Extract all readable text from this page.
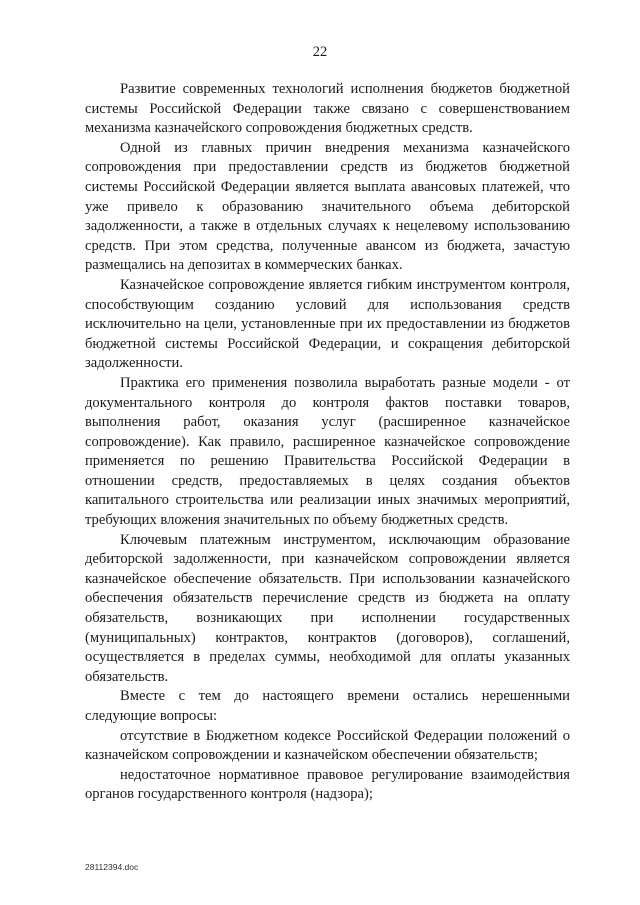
22

Развитие современных технологий исполнения бюджетов бюджетной системы Российской Федерации также связано с совершенствованием механизма казначейского сопровождения бюджетных средств.

Одной из главных причин внедрения механизма казначейского сопровождения при предоставлении средств из бюджетов бюджетной системы Российской Федерации является выплата авансовых платежей, что уже привело к образованию значительного объема дебиторской задолженности, а также в отдельных случаях к нецелевому использованию средств. При этом средства, полученные авансом из бюджета, зачастую размещались на депозитах в коммерческих банках.

Казначейское сопровождение является гибким инструментом контроля, способствующим созданию условий для использования средств исключительно на цели, установленные при их предоставлении из бюджетов бюджетной системы Российской Федерации, и сокращения дебиторской задолженности.

Практика его применения позволила выработать разные модели - от документального контроля до контроля фактов поставки товаров, выполнения работ, оказания услуг (расширенное казначейское сопровождение). Как правило, расширенное казначейское сопровождение применяется по решению Правительства Российской Федерации в отношении средств, предоставляемых в целях создания объектов капитального строительства или реализации иных значимых мероприятий, требующих вложения значительных по объему бюджетных средств.

Ключевым платежным инструментом, исключающим образование дебиторской задолженности, при казначейском сопровождении является казначейское обеспечение обязательств. При использовании казначейского обеспечения обязательств перечисление средств из бюджета на оплату обязательств, возникающих при исполнении государственных (муниципальных) контрактов, контрактов (договоров), соглашений, осуществляется в пределах суммы, необходимой для оплаты указанных обязательств.

Вместе с тем до настоящего времени остались нерешенными следующие вопросы:

отсутствие в Бюджетном кодексе Российской Федерации положений о казначейском сопровождении и казначейском обеспечении обязательств;

недостаточное нормативное правовое регулирование взаимодействия органов государственного контроля (надзора);

28112394.doc
